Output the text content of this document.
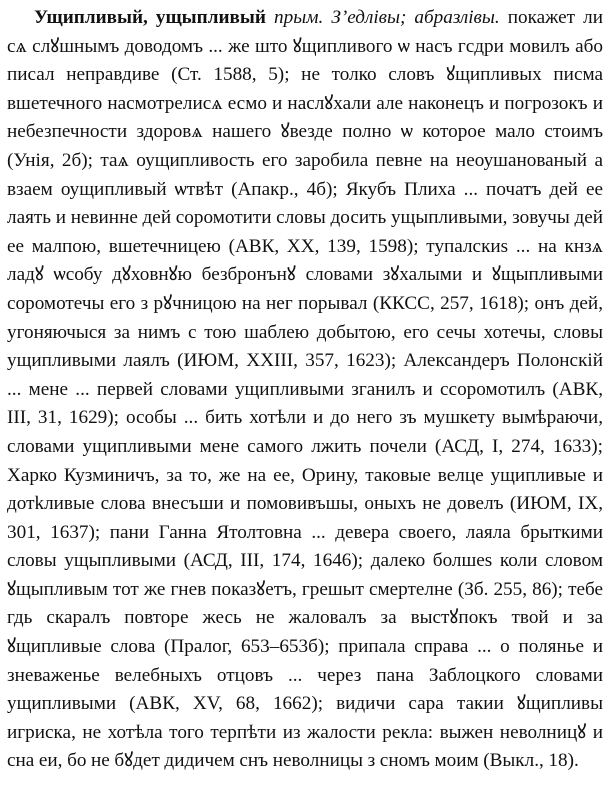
Ущипливый, ущыпливый прым. З’едлівы; абразлівы. покажет ли сѧ слꙋшнымъ доводомъ ... же што ꙋщипливого ѡ насъ гсдри мовилъ або писал неправдиве (Ст. 1588, 5); не толко словъ ꙋщипливых писма вшетечного насмотрелисѧ есмо и наслꙋхали але наконецъ и погрозокъ и небезпечности здоровѧ нашего ꙋвезде полно ѡ которое мало стоимъ (Унія, 2б); таѧ оущипливость его заробила певне на неоушанованый а взаем оущипливый ѡтвѣт (Апакр., 4б); Якубъ Плиха ... початъ дей ее лаять и невинне дей соромотити словы досить ущыпливыми, зовучы дей ее малпою, вшетечницею (АВК, XX, 139, 1598); тупалскиѕ ... на кнзѧ ладꙋ ѡсобу дꙋховнꙋю безбронънꙋ словами зꙋхалыми и ꙋщыпливыми соромотечы его з рꙋчницою на нег порывал (ККСС, 257, 1618); онъ дей, угоняючыся за нимъ с тою шаблею добытою, его сечы хотечы, словы ущипливыми лаялъ (ИЮМ, XXIII, 357, 1623); Александеръ Полонскій ... мене ... первей словами ущипливыми зганилъ и ссоромотилъ (АВК, III, 31, 1629); особы ... бить хотѣли и до него зъ мушкету вымѣраючи, словами ущипливыми мене самого лжить почели (АСД, I, 274, 1633); Харко Кузминичъ, за то, же на ее, Орину, таковые велце ущипливые и дотkливые слова внесъши и помовивъшы, оныхъ не довелъ (ИЮМ, IX, 301, 1637); пани Ганна Ятолтовна ... девера своего, лаяла брыткими словы ущыпливыми (АСД, III, 174, 1646); далеко болшеѕ коли словом ꙋщыпливым тот же гнев показꙋетъ, грешыт смертелне (Зб. 255, 86); тебе гдь скаралъ повторе жесь не жаловалъ за выстꙋпокъ твой и за ꙋщипливые слова (Пралог, 653–653б); припала справа ... о полянье и зневаженье велебныхъ отцовъ ... через пана Заблоцкого словами ущипливыми (АВК, XV, 68, 1662); видичи сара такии ꙋщипливы игриска, не хотѣла того терпѣти из жалости рекла: выжен неволницꙋ и сна еи, бо не бꙋдет дидичем снъ неволницы з сномъ моим (Выкл., 18).
